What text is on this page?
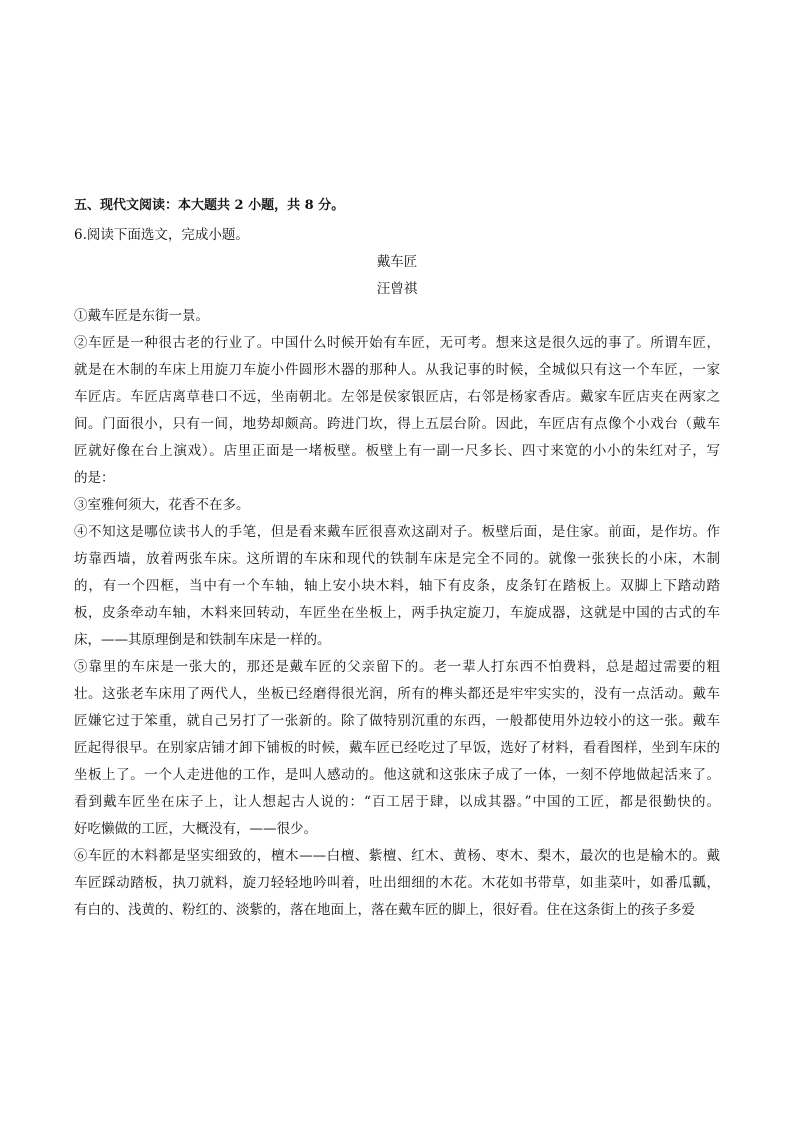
五、现代文阅读：本大题共 2 小题，共 8 分。
6.阅读下面选文，完成小题。
戴车匠
汪曾祺
①戴车匠是东街一景。
②车匠是一种很古老的行业了。中国什么时候开始有车匠，无可考。想来这是很久远的事了。所谓车匠，
就是在木制的车床上用旋刀车旋小件圆形木器的那种人。从我记事的时候，全城似只有这一个车匠，一家
车匠店。车匠店离草巷口不远，坐南朝北。左邻是侯家银匠店，右邻是杨家香店。戴家车匠店夹在两家之
间。门面很小，只有一间，地势却颇高。跨进门坎，得上五层台阶。因此，车匠店有点像个小戏台（戴车
匠就好像在台上演戏）。店里正面是一堵板壁。板壁上有一副一尺多长、四寸来宽的小小的朱红对子，写
的是：
③室雅何须大，花香不在多。
④不知这是哪位读书人的手笔，但是看来戴车匠很喜欢这副对子。板壁后面，是住家。前面，是作坊。作
坊靠西墙，放着两张车床。这所谓的车床和现代的铁制车床是完全不同的。就像一张狭长的小床，木制
的，有一个四框，当中有一个车轴，轴上安小块木料，轴下有皮条，皮条钉在踏板上。双脚上下踏动踏
板，皮条牵动车轴，木料来回转动，车匠坐在坐板上，两手执定旋刀，车旋成器，这就是中国的古式的车
床，——其原理倒是和铁制车床是一样的。
⑤靠里的车床是一张大的，那还是戴车匠的父亲留下的。老一辈人打东西不怕费料，总是超过需要的粗
壮。这张老车床用了两代人，坐板已经磨得很光润，所有的榫头都还是牢牢实实的，没有一点活动。戴车
匠嫌它过于笨重，就自己另打了一张新的。除了做特别沉重的东西，一般都使用外边较小的这一张。戴车
匠起得很早。在别家店铺才卸下铺板的时候，戴车匠已经吃过了早饭，选好了材料，看看图样，坐到车床的
坐板上了。一个人走进他的工作，是叫人感动的。他这就和这张床子成了一体，一刻不停地做起活来了。
看到戴车匠坐在床子上，让人想起古人说的：“百工居于肆，以成其器。”中国的工匠，都是很勤快的。
好吃懒做的工匠，大概没有，——很少。
⑥车匠的木料都是坚实细致的，檀木——白檀、紫檀、红木、黄杨、枣木、梨木，最次的也是榆木的。戴
车匠踩动踏板，执刀就料，旋刀轻轻地吟叫着，吐出细细的木花。木花如书带草，如韭菜叶，如番瓜瓤，
有白的、浅黄的、粉红的、淡紫的，落在地面上，落在戴车匠的脚上，很好看。住在这条街上的孩子多爱
